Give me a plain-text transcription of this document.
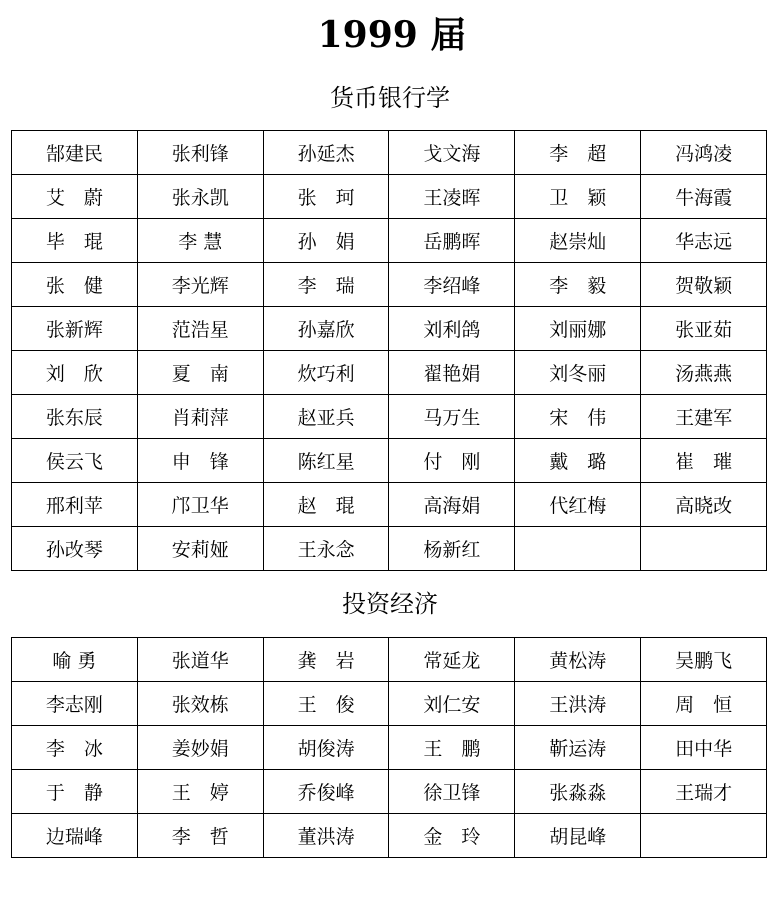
1999 届
货币银行学
郜建民	张利锋	孙延杰	戈文海	李　超	冯鸿凌
艾　蔚	张永凯	张　珂	王凌晖	卫　颖	牛海霞
毕　琨	李 慧	孙　娟	岳鹏晖	赵崇灿	华志远
张　健	李光辉	李　瑞	李绍峰	李　毅	贺敬颖
张新辉	范浩星	孙嘉欣	刘利鸽	刘丽娜	张亚茹
刘　欣	夏　南	炊巧利	翟艳娟	刘冬丽	汤燕燕
张东辰	肖莉萍	赵亚兵	马万生	宋　伟	王建军
侯云飞	申　锋	陈红星	付　刚	戴　璐	崔　璀
邢利苹	邝卫华	赵　琨	高海娟	代红梅	高晓改
孙改琴	安莉娅	王永念	杨新红		
投资经济
喻 勇	张道华	龚　岩	常延龙	黄松涛	吴鹏飞
李志刚	张效栋	王　俊	刘仁安	王洪涛	周　恒
李　冰	姜妙娟	胡俊涛	王　鹏	靳运涛	田中华
于　静	王　婷	乔俊峰	徐卫锋	张淼淼	王瑞才
边瑞峰	李　哲	董洪涛	金　玲	胡昆峰	
